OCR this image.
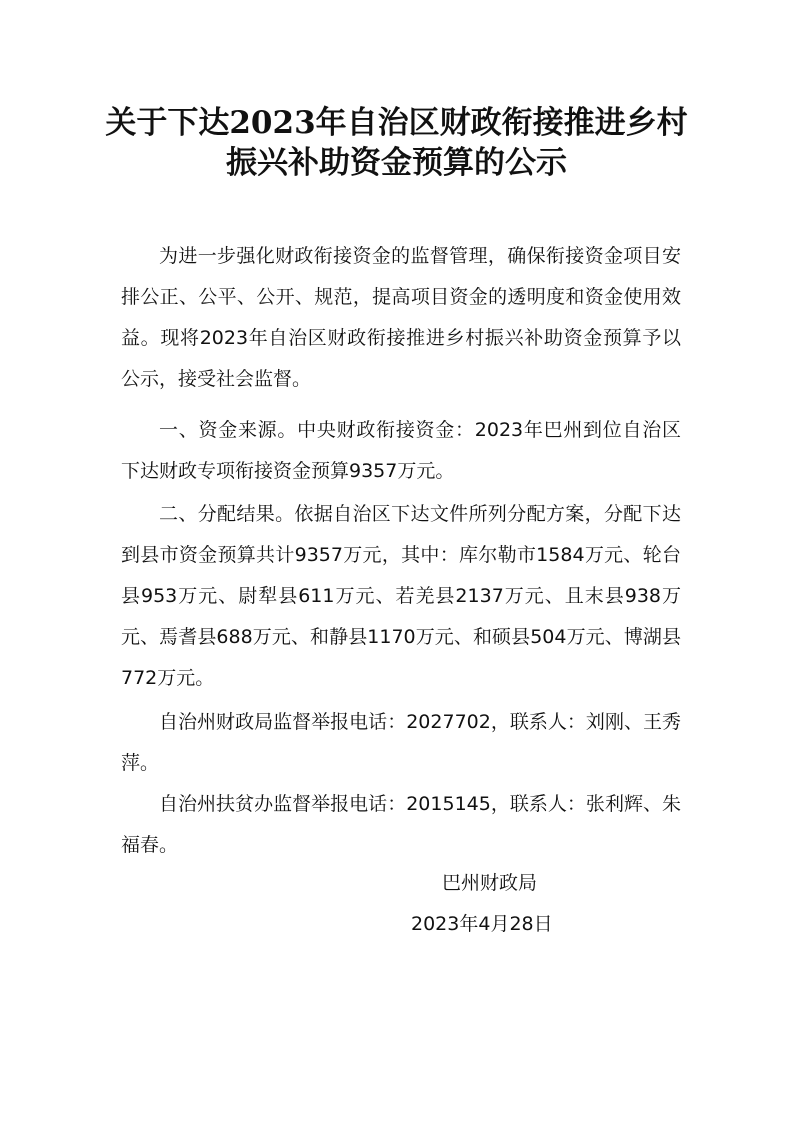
关于下达2023年自治区财政衔接推进乡村
振兴补助资金预算的公示

为进一步强化财政衔接资金的监督管理，确保衔接资金项目安排公正、公平、公开、规范，提高项目资金的透明度和资金使用效益。现将2023年自治区财政衔接推进乡村振兴补助资金预算予以公示，接受社会监督。

一、资金来源。中央财政衔接资金：2023年巴州到位自治区下达财政专项衔接资金预算9357万元。

二、分配结果。依据自治区下达文件所列分配方案，分配下达到县市资金预算共计9357万元，其中：库尔勒市1584万元、轮台县953万元、尉犁县611万元、若羌县2137万元、且末县938万元、焉耆县688万元、和静县1170万元、和硕县504万元、博湖县772万元。

自治州财政局监督举报电话：2027702，联系人：刘刚、王秀萍。

自治州扶贫办监督举报电话：2015145，联系人：张利辉、朱福春。

巴州财政局

2023年4月28日
